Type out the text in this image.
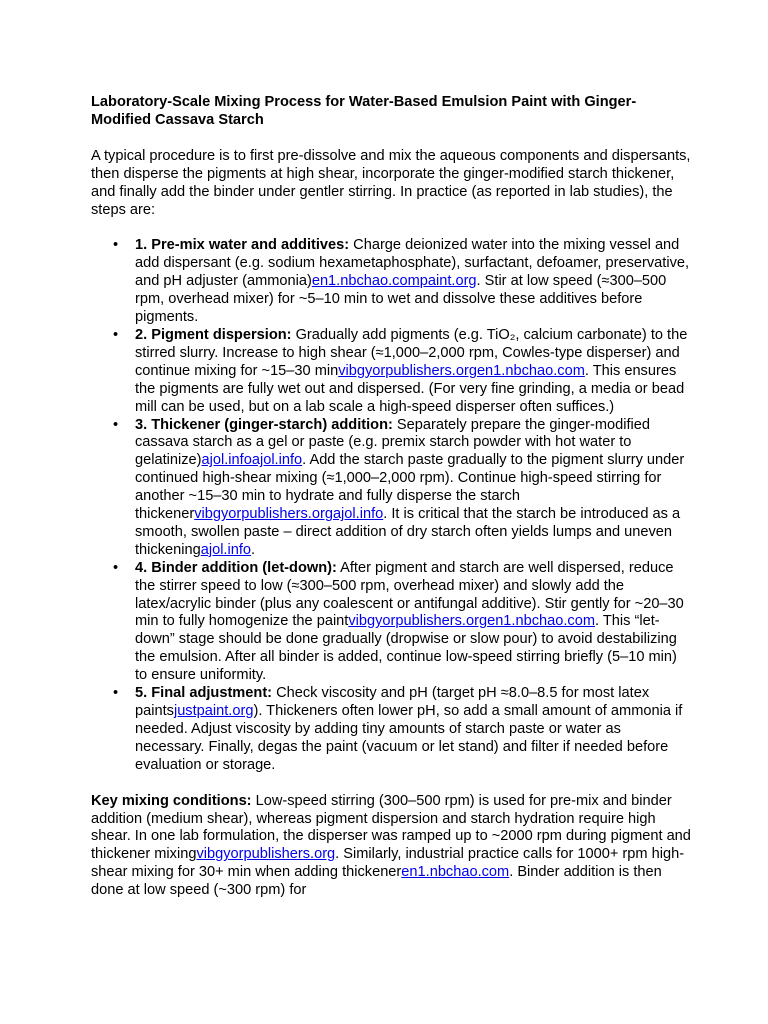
Laboratory-Scale Mixing Process for Water-Based Emulsion Paint with Ginger-Modified Cassava Starch

A typical procedure is to first pre-dissolve and mix the aqueous components and dispersants, then disperse the pigments at high shear, incorporate the ginger-modified starch thickener, and finally add the binder under gentler stirring. In practice (as reported in lab studies), the steps are:

• 1. Pre-mix water and additives: Charge deionized water into the mixing vessel and add dispersant (e.g. sodium hexametaphosphate), surfactant, defoamer, preservative, and pH adjuster (ammonia)en1.nbchao.compaint.org. Stir at low speed (≈300–500 rpm, overhead mixer) for ~5–10 min to wet and dissolve these additives before pigments.
• 2. Pigment dispersion: Gradually add pigments (e.g. TiO₂, calcium carbonate) to the stirred slurry. Increase to high shear (≈1,000–2,000 rpm, Cowles-type disperser) and continue mixing for ~15–30 minvibgyorpublishers.orgen1.nbchao.com. This ensures the pigments are fully wet out and dispersed. (For very fine grinding, a media or bead mill can be used, but on a lab scale a high-speed disperser often suffices.)
• 3. Thickener (ginger-starch) addition: Separately prepare the ginger-modified cassava starch as a gel or paste (e.g. premix starch powder with hot water to gelatinize)ajol.infoajol.info. Add the starch paste gradually to the pigment slurry under continued high-shear mixing (≈1,000–2,000 rpm). Continue high-speed stirring for another ~15–30 min to hydrate and fully disperse the starch thickenervibgyorpublishers.orgajol.info. It is critical that the starch be introduced as a smooth, swollen paste – direct addition of dry starch often yields lumps and uneven thickeningajol.info.
• 4. Binder addition (let-down): After pigment and starch are well dispersed, reduce the stirrer speed to low (≈300–500 rpm, overhead mixer) and slowly add the latex/acrylic binder (plus any coalescent or antifungal additive). Stir gently for ~20–30 min to fully homogenize the paintvibgyorpublishers.orgen1.nbchao.com. This “let-down” stage should be done gradually (dropwise or slow pour) to avoid destabilizing the emulsion. After all binder is added, continue low-speed stirring briefly (5–10 min) to ensure uniformity.
• 5. Final adjustment: Check viscosity and pH (target pH ≈8.0–8.5 for most latex paintsjustpaint.org). Thickeners often lower pH, so add a small amount of ammonia if needed. Adjust viscosity by adding tiny amounts of starch paste or water as necessary. Finally, degas the paint (vacuum or let stand) and filter if needed before evaluation or storage.

Key mixing conditions: Low-speed stirring (300–500 rpm) is used for pre-mix and binder addition (medium shear), whereas pigment dispersion and starch hydration require high shear. In one lab formulation, the disperser was ramped up to ~2000 rpm during pigment and thickener mixingvibgyorpublishers.org. Similarly, industrial practice calls for 1000+ rpm high-shear mixing for 30+ min when adding thickeneren1.nbchao.com. Binder addition is then done at low speed (~300 rpm) for
